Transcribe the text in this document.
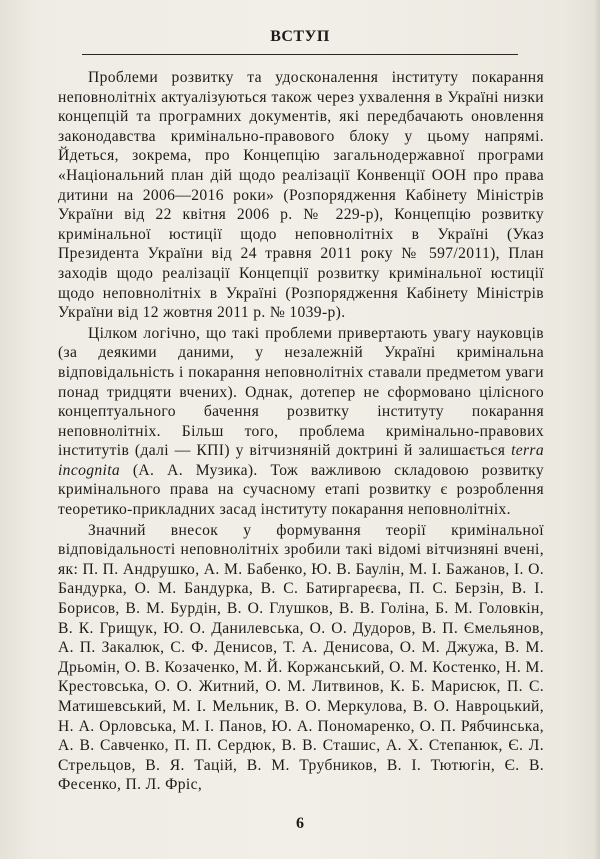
ВСТУП

Проблеми розвитку та удосконалення інституту покарання неповнолітніх актуалізуються також через ухвалення в Україні низки концепцій та програмних документів, які передбачають оновлення законодавства кримінально-правового блоку у цьому напрямі. Йдеться, зокрема, про Концепцію загальнодержавної програми «Національний план дій щодо реалізації Конвенції ООН про права дитини на 2006—2016 роки» (Розпорядження Кабінету Міністрів України від 22 квітня 2006 р. № 229-р), Концепцію розвитку кримінальної юстиції щодо неповнолітніх в Україні (Указ Президента України від 24 травня 2011 року № 597/2011), План заходів щодо реалізації Концепції розвитку кримінальної юстиції щодо неповнолітніх в Україні (Розпорядження Кабінету Міністрів України від 12 жовтня 2011 р. № 1039-р).

Цілком логічно, що такі проблеми привертають увагу науковців (за деякими даними, у незалежній Україні кримінальна відповідальність і покарання неповнолітніх ставали предметом уваги понад тридцяти вчених). Однак, дотепер не сформовано цілісного концептуального бачення розвитку інституту покарання неповнолітніх. Більш того, проблема кримінально-правових інститутів (далі — КПІ) у вітчизняній доктрині й залишається terra incognita (А. А. Музика). Тож важливою складовою розвитку кримінального права на сучасному етапі розвитку є розроблення теоретико-прикладних засад інституту покарання неповнолітніх.

Значний внесок у формування теорії кримінальної відповідальності неповнолітніх зробили такі відомі вітчизняні вчені, як: П. П. Андрушко, А. М. Бабенко, Ю. В. Баулін, М. І. Бажанов, І. О. Бандурка, О. М. Бандурка, В. С. Батиргареєва, П. С. Берзін, В. І. Борисов, В. М. Бурдін, В. О. Глушков, В. В. Голіна, Б. М. Головкін, В. К. Грищук, Ю. О. Данилевська, О. О. Дудоров, В. П. Ємельянов, А. П. Закалюк, С. Ф. Денисов, Т. А. Денисова, О. М. Джужа, В. М. Дрьомін, О. В. Козаченко, М. Й. Коржанський, О. М. Костенко, Н. М. Крестовська, О. О. Житний, О. М. Литвинов, К. Б. Марисюк, П. С. Матишевський, М. І. Мельник, В. О. Меркулова, В. О. Навроцький, Н. А. Орловська, М. І. Панов, Ю. А. Пономаренко, О. П. Рябчинська, А. В. Савченко, П. П. Сердюк, В. В. Сташис, А. Х. Степанюк, Є. Л. Стрельцов, В. Я. Тацій, В. М. Трубников, В. І. Тютюгін, Є. В. Фесенко, П. Л. Фріс,

6
